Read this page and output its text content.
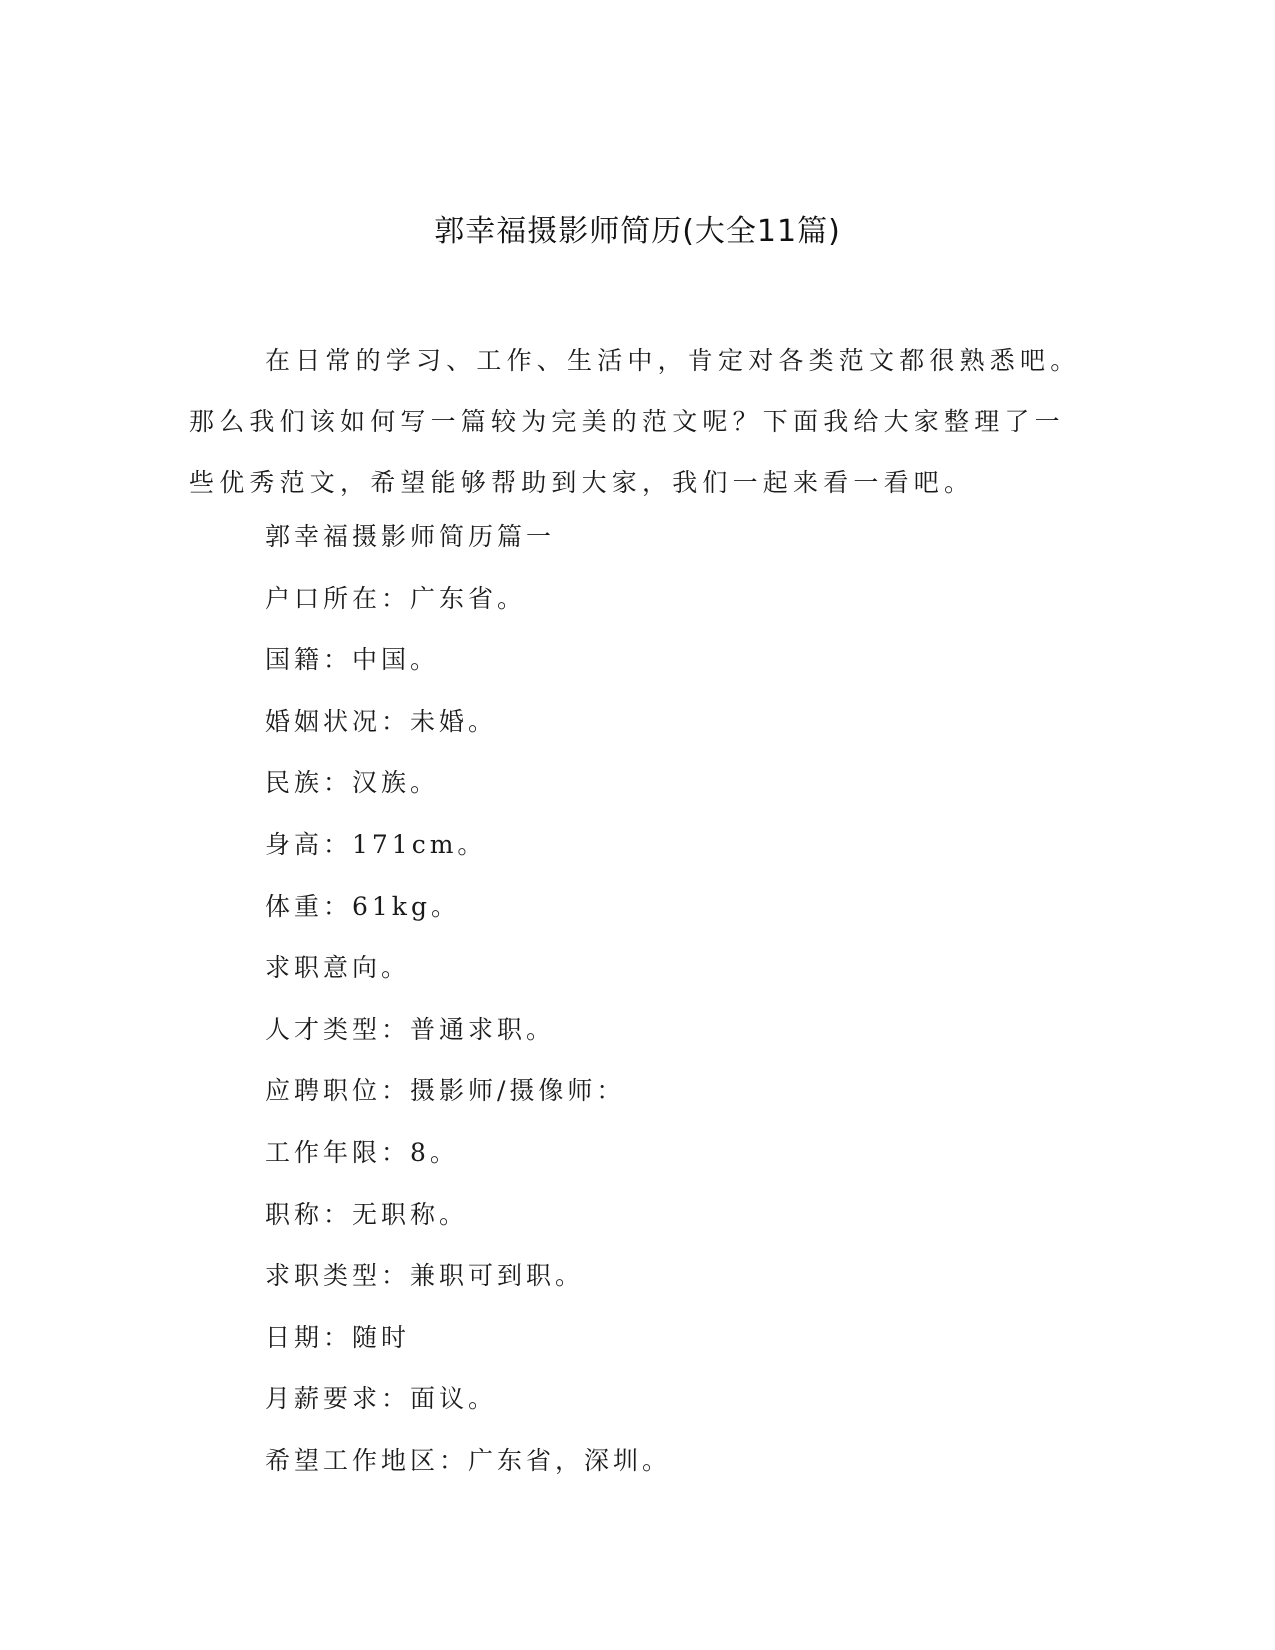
郭幸福摄影师简历(大全11篇)

在日常的学习、工作、生活中，肯定对各类范文都很熟悉吧。那么我们该如何写一篇较为完美的范文呢？下面我给大家整理了一些优秀范文，希望能够帮助到大家，我们一起来看一看吧。

郭幸福摄影师简历篇一
户口所在：广东省。
国籍：中国。
婚姻状况：未婚。
民族：汉族。
身高：171cm。
体重：61kg。
求职意向。
人才类型：普通求职。
应聘职位：摄影师/摄像师：
工作年限：8。
职称：无职称。
求职类型：兼职可到职。
日期：随时
月薪要求：面议。
希望工作地区：广东省，深圳。
